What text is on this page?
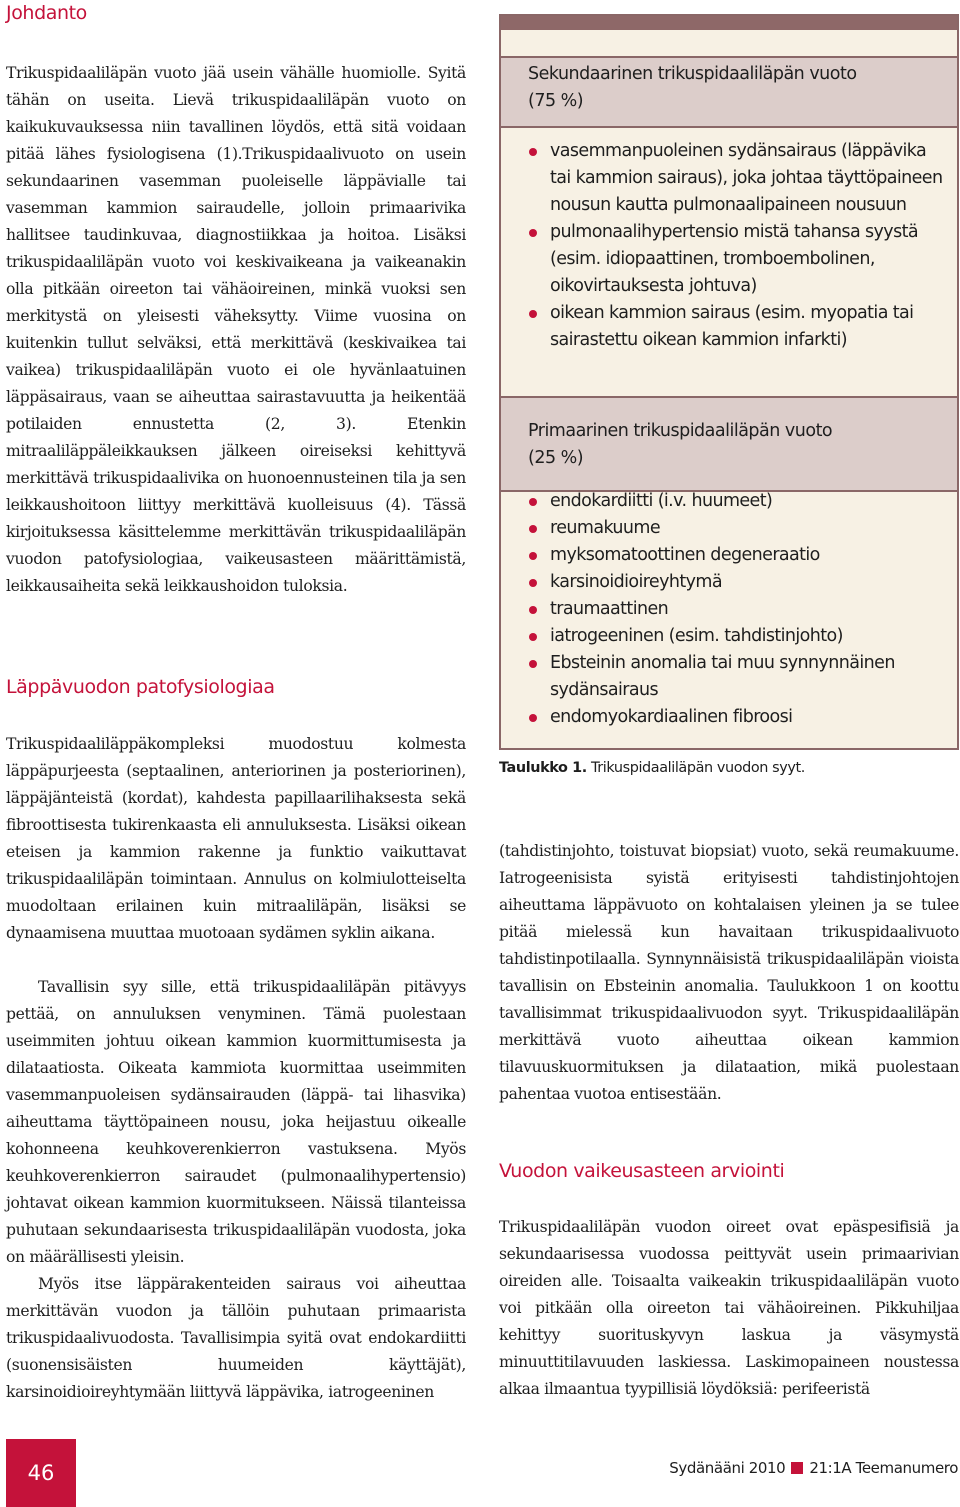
Johdanto

Trikuspidaaliläpän vuoto jää usein vähälle huomiolle. Syitä tähän on useita. Lievä trikuspidaaliläpän vuoto on kaikukuvauksessa niin tavallinen löydös, että sitä voidaan pitää lähes fysiologisena (1).Trikuspidaalivuoto on usein sekundaarinen vasemman puoleiselle läppävialle tai vasemman kammion sairaudelle, jolloin primaarivika hallitsee taudinkuvaa, diagnostiikkaa ja hoitoa. Lisäksi trikuspidaaliläpän vuoto voi keskivaikeana ja vaikeanakin olla pitkään oireeton tai vähäoireinen, minkä vuoksi sen merkitystä on yleisesti väheksytty. Viime vuosina on kuitenkin tullut selväksi, että merkittävä (keskivaikea tai vaikea) trikuspidaaliläpän vuoto ei ole hyvänlaatuinen läppäsairaus, vaan se aiheuttaa sairastavuutta ja heikentää potilaiden ennustetta (2, 3). Etenkin mitraaliläppäleikkauksen jälkeen oireiseksi kehittyvä merkittävä trikuspidaalivika on huonoennusteinen tila ja sen leikkaushoitoon liittyy merkittävä kuolleisuus (4). Tässä kirjoituksessa käsittelemme merkittävän trikuspidaaliläpän vuodon patofysiologiaa, vaikeusasteen määrittämistä, leikkausaiheita sekä leikkaushoidon tuloksia.

Läppävuodon patofysiologiaa

Trikuspidaaliläppäkompleksi muodostuu kolmesta läppäpurjeesta (septaalinen, anteriorinen ja posteriorinen), läppäjänteistä (kordat), kahdesta papillaarilihaksesta sekä fibroottisesta tukirenkaasta eli annuluksesta. Lisäksi oikean eteisen ja kammion rakenne ja funktio vaikuttavat trikuspidaaliläpän toimintaan. Annulus on kolmiulotteiselta muodoltaan erilainen kuin mitraaliläpän, lisäksi se dynaamisena muuttaa muotoaan sydämen syklin aikana.

Tavallisin syy sille, että trikuspidaaliläpän pitävyys pettää, on annuluksen venyminen. Tämä puolestaan useimmiten johtuu oikean kammion kuormittumisesta ja dilataatiosta. Oikeata kammiota kuormittaa useimmiten vasemmanpuoleisen sydänsairauden (läppä- tai lihasvika) aiheuttama täyttöpaineen nousu, joka heijastuu oikealle kohonneena keuhkoverenkierron vastuksena. Myös keuhkoverenkierron sairaudet (pulmonaalihypertensio) johtavat oikean kammion kuormitukseen. Näissä tilanteissa puhutaan sekundaarisesta trikuspidaaliläpän vuodosta, joka on määrällisesti yleisin.

Myös itse läppärakenteiden sairaus voi aiheuttaa merkittävän vuodon ja tällöin puhutaan primaarista trikuspidaalivuodosta. Tavallisimpia syitä ovat endokardiitti (suonensisäisten huumeiden käyttäjät), karsinoidioireyhtymään liittyvä läppävika, iatrogeeninen

Sekundaarinen trikuspidaaliläpän vuoto
(75 %)
vasemmanpuoleinen sydänsairaus (läppävika tai kammion sairaus), joka johtaa täyttöpaineen nousun kautta pulmonaalipaineen nousuun
pulmonaalihypertensio mistä tahansa syystä (esim. idiopaattinen, tromboembolinen, oikovirtauksesta johtuva)
oikean kammion sairaus (esim. myopatia tai sairastettu oikean kammion infarkti)
Primaarinen trikuspidaaliläpän vuoto
(25 %)
endokardiitti (i.v. huumeet)
reumakuume
myksomatoottinen degeneraatio
karsinoidioireyhtymä
traumaattinen
iatrogeeninen (esim. tahdistinjohto)
Ebsteinin anomalia tai muu synnynnäinen sydänsairaus
endomyokardiaalinen fibroosi
Taulukko 1. Trikuspidaaliläpän vuodon syyt.

(tahdistinjohto, toistuvat biopsiat) vuoto, sekä reumakuume. Iatrogeenisista syistä erityisesti tahdistinjohtojen aiheuttama läppävuoto on kohtalaisen yleinen ja se tulee pitää mielessä kun havaitaan trikuspidaalivuoto tahdistinpotilaalla. Synnynnäisistä trikuspidaaliläpän vioista tavallisin on Ebsteinin anomalia. Taulukkoon 1 on koottu tavallisimmat trikuspidaalivuodon syyt. Trikuspidaaliläpän merkittävä vuoto aiheuttaa oikean kammion tilavuuskuormituksen ja dilataation, mikä puolestaan pahentaa vuotoa entisestään.

Vuodon vaikeusasteen arviointi

Trikuspidaaliläpän vuodon oireet ovat epäspesifisiä ja sekundaarisessa vuodossa peittyvät usein primaarivian oireiden alle. Toisaalta vaikeakin trikuspidaaliläpän vuoto voi pitkään olla oireeton tai vähäoireinen. Pikkuhiljaa kehittyy suorituskyvyn laskua ja väsymystä minuuttitilavuuden laskiessa. Laskimopaineen noustessa alkaa ilmaantua tyypillisiä löydöksiä: perifeeristä

46	Sydänääni 2010 21:1A Teemanumero
